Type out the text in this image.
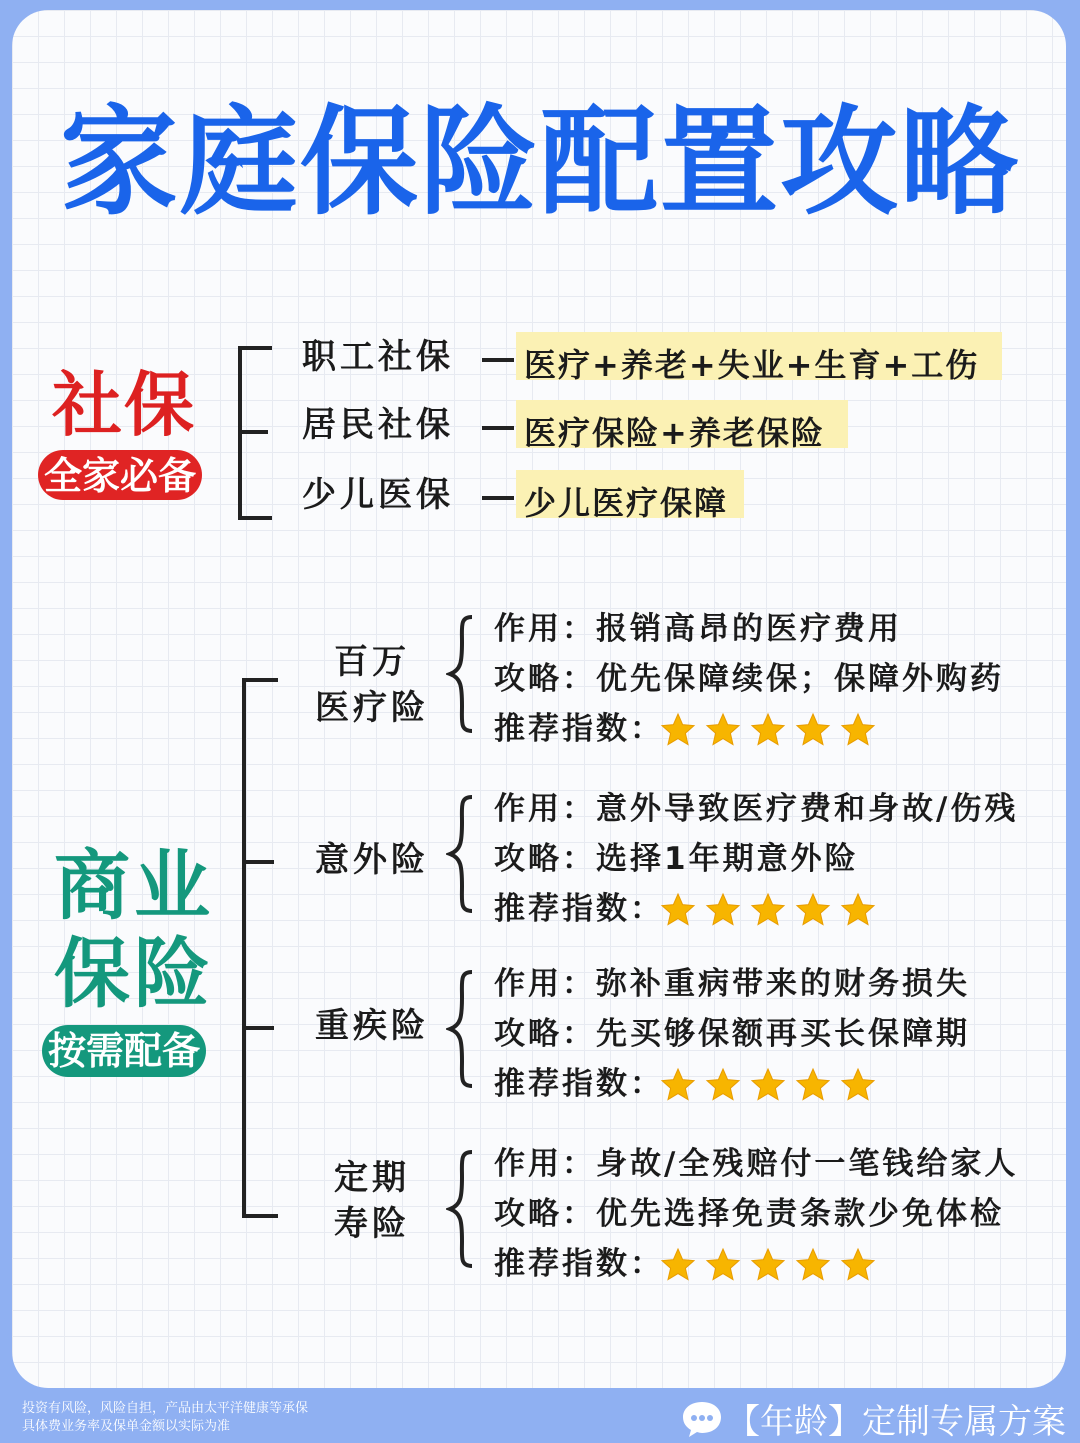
家庭保险配置攻略
社保
全家必备
职工社保 医疗+养老+失业+生育+工伤
居民社保 医疗保险+养老保险
少儿医保 少儿医疗保障
商业
保险
按需配备
百万
医疗险
作用：报销高昂的医疗费用
攻略：优先保障续保；保障外购药
推荐指数：
意外险
作用：意外导致医疗费和身故/伤残
攻略：选择1年期意外险
推荐指数：
重疾险
作用：弥补重病带来的财务损失
攻略：先买够保额再买长保障期
推荐指数：
定期
寿险
作用：身故/全残赔付一笔钱给家人
攻略：优先选择免责条款少免体检
推荐指数：
投资有风险，风险自担，产品由太平洋健康等承保
具体费业务率及保单金额以实际为准	【年龄】定制专属方案
